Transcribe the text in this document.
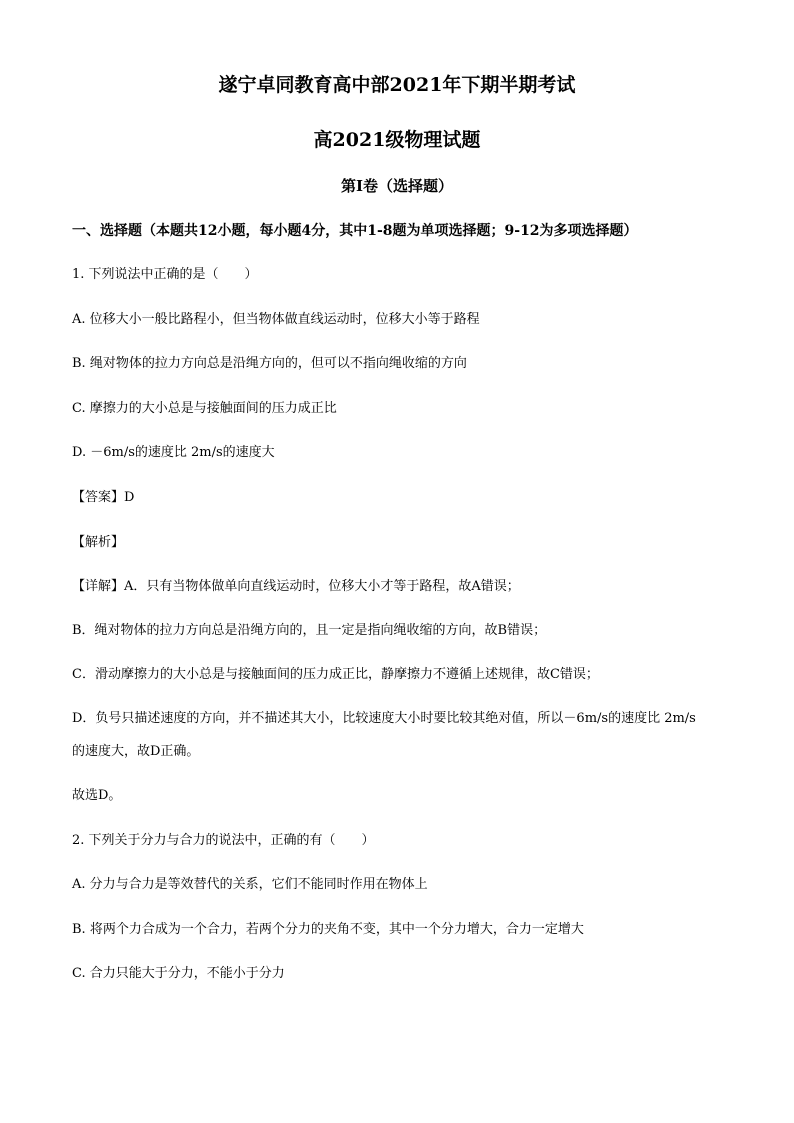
遂宁卓同教育高中部2021年下期半期考试
高2021级物理试题
第I卷（选择题）
一、选择题（本题共12小题，每小题4分，其中1-8题为单项选择题；9-12为多项选择题）
1. 下列说法中正确的是（　　）
A. 位移大小一般比路程小，但当物体做直线运动时，位移大小等于路程
B. 绳对物体的拉力方向总是沿绳方向的，但可以不指向绳收缩的方向
C. 摩擦力的大小总是与接触面间的压力成正比
D. －6m/s的速度比 2m/s的速度大
【答案】D
【解析】
【详解】A．只有当物体做单向直线运动时，位移大小才等于路程，故A错误；
B．绳对物体的拉力方向总是沿绳方向的，且一定是指向绳收缩的方向，故B错误；
C．滑动摩擦力的大小总是与接触面间的压力成正比，静摩擦力不遵循上述规律，故C错误；
D．负号只描述速度的方向，并不描述其大小，比较速度大小时要比较其绝对值，所以－6m/s的速度比 2m/s
的速度大，故D正确。
故选D。
2. 下列关于分力与合力的说法中，正确的有（　　）
A. 分力与合力是等效替代的关系，它们不能同时作用在物体上
B. 将两个力合成为一个合力，若两个分力的夹角不变，其中一个分力增大，合力一定增大
C. 合力只能大于分力，不能小于分力
